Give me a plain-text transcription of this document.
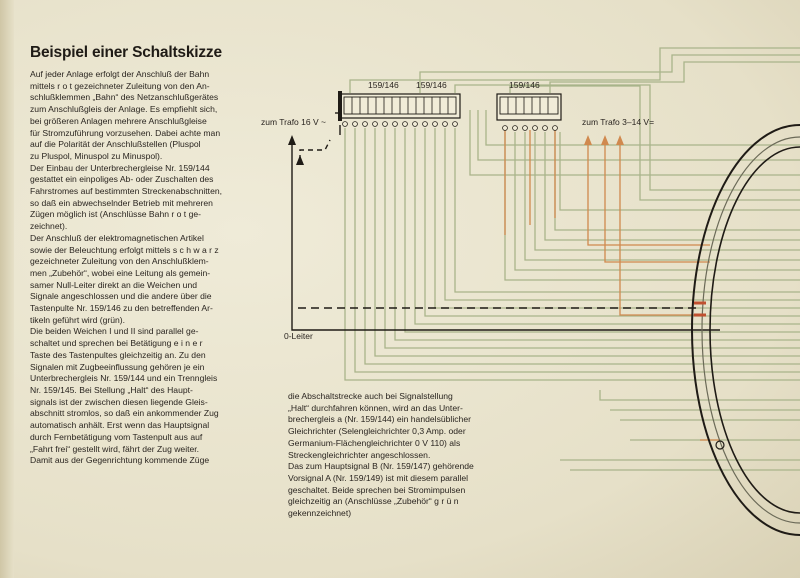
Beispiel einer Schaltskizze

Auf jeder Anlage erfolgt der Anschluß der Bahn

mittels r o t gezeichneter Zuleitung von den An-

schlußklemmen „Bahn“ des Netzanschlußgerätes

zum Anschlußgleis der Anlage. Es empfiehlt sich,

bei größeren Anlagen mehrere Anschlußgleise

für Stromzuführung vorzusehen. Dabei achte man

auf die Polarität der Anschlußstellen (Pluspol

zu Pluspol, Minuspol zu Minuspol).

Der Einbau der Unterbrechergleise Nr. 159/144

gestattet ein einpoliges Ab- oder Zuschalten des

Fahrstromes auf bestimmten Streckenabschnitten,

so daß ein abwechselnder Betrieb mit mehreren

Zügen möglich ist (Anschlüsse Bahn r o t ge-

zeichnet).

Der Anschluß der elektromagnetischen Artikel

sowie der Beleuchtung erfolgt mittels s c h w a r z

gezeichneter Zuleitung von den Anschlußklem-

men „Zubehör“, wobei eine Leitung als gemein-

samer Null-Leiter direkt an die Weichen und

Signale angeschlossen und die andere über die

Tastenpulte Nr. 159/146 zu den betreffenden Ar-

tikeln geführt wird (grün).

Die beiden Weichen I und II sind parallel ge-

schaltet und sprechen bei Betätigung e i n e r

Taste des Tastenpultes gleichzeitig an. Zu den

Signalen mit Zugbeeinflussung gehören je ein

Unterbrechergleis Nr. 159/144 und ein Trenngleis

Nr. 159/145. Bei Stellung „Halt“ des Haupt-

signals ist der zwischen diesen liegende Gleis-

abschnitt stromlos, so daß ein ankommender Zug

automatisch anhält. Erst wenn das Hauptsignal

durch Fernbetätigung vom Tastenpult aus auf

„Fahrt frei“ gestellt wird, fährt der Zug weiter.

Damit aus der Gegenrichtung kommende Züge

die Abschaltstrecke auch bei Signalstellung

„Halt“ durchfahren können, wird an das Unter-

brechergleis a (Nr. 159/144) ein handelsüblicher

Gleichrichter (Selengleichrichter 0,3 Amp. oder

Germanium-Flächengleichrichter 0 V 110) als

Streckengleichrichter angeschlossen.

Das zum Hauptsignal B (Nr. 159/147) gehörende

Vorsignal A (Nr. 159/149) ist mit diesem parallel

geschaltet. Beide sprechen bei Stromimpulsen

gleichzeitig an (Anschlüsse „Zubehör“ g r ü n

gekennzeichnet)

159/146 159/146	159/146
zum Trafo 16 V ~	zum Trafo 3–14 V=
0-Leiter
